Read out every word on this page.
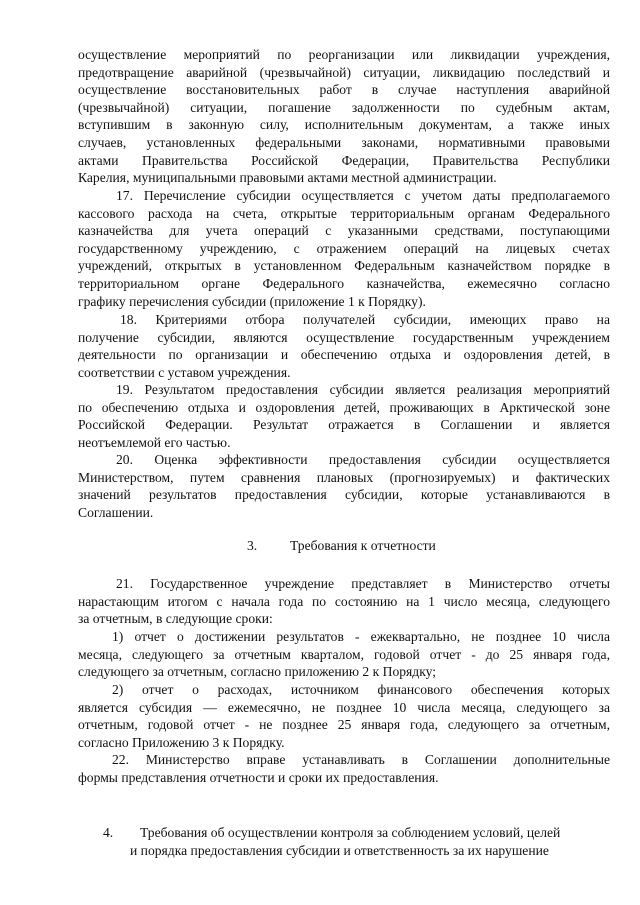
осуществление мероприятий по реорганизации или ликвидации учреждения,
предотвращение аварийной (чрезвычайной) ситуации, ликвидацию последствий и
осуществление восстановительных работ в случае наступления аварийной
(чрезвычайной) ситуации, погашение задолженности по судебным актам,
вступившим в законную силу, исполнительным документам, а также иных
случаев, установленных федеральными законами, нормативными правовыми
актами Правительства Российской Федерации, Правительства Республики
Карелия, муниципальными правовыми актами местной администрации.
17. Перечисление субсидии осуществляется с учетом даты предполагаемого
кассового расхода на счета, открытые территориальным органам Федерального
казначейства для учета операций с указанными средствами, поступающими
государственному учреждению, с отражением операций на лицевых счетах
учреждений, открытых в установленном Федеральным казначейством порядке в
территориальном органе Федерального казначейства, ежемесячно согласно
графику перечисления субсидии (приложение 1 к Порядку).
18. Критериями отбора получателей субсидии, имеющих право на
получение субсидии, являются осуществление государственным учреждением
деятельности по организации и обеспечению отдыха и оздоровления детей, в
соответствии с уставом учреждения.
19. Результатом предоставления субсидии является реализация мероприятий
по обеспечению отдыха и оздоровления детей, проживающих в Арктической зоне
Российской Федерации. Результат отражается в Соглашении и является
неотъемлемой его частью.
20. Оценка эффективности предоставления субсидии осуществляется
Министерством, путем сравнения плановых (прогнозируемых) и фактических
значений результатов предоставления субсидии, которые устанавливаются в
Соглашении.
3. Требования к отчетности
21. Государственное учреждение представляет в Министерство отчеты
нарастающим итогом с начала года по состоянию на 1 число месяца, следующего
за отчетным, в следующие сроки:
1) отчет о достижении результатов - ежеквартально, не позднее 10 числа
месяца, следующего за отчетным кварталом, годовой отчет - до 25 января года,
следующего за отчетным, согласно приложению 2 к Порядку;
2) отчет о расходах, источником финансового обеспечения которых
является субсидия — ежемесячно, не позднее 10 числа месяца, следующего за
отчетным, годовой отчет - не позднее 25 января года, следующего за отчетным,
согласно Приложению 3 к Порядку.
22. Министерство вправе устанавливать в Соглашении дополнительные
формы представления отчетности и сроки их предоставления.
4. Требования об осуществлении контроля за соблюдением условий, целей
и порядка предоставления субсидии и ответственность за их нарушение
